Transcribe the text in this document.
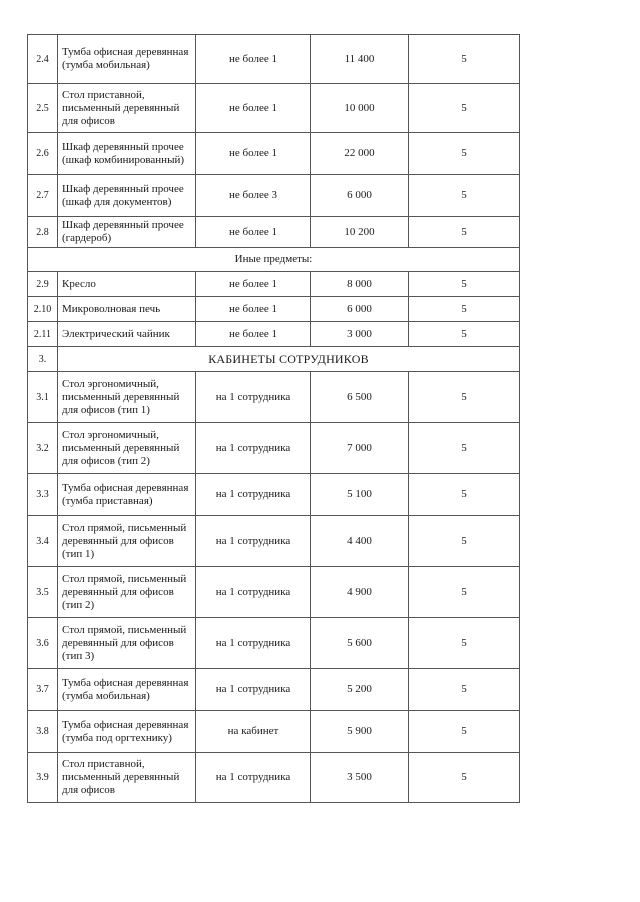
2.4	Тумба офисная деревянная (тумба мобильная)	не более 1	11 400	5
2.5	Стол приставной, письменный деревянный для офисов	не более 1	10 000	5
2.6	Шкаф деревянный прочее (шкаф комбинированный)	не более 1	22 000	5
2.7	Шкаф деревянный прочее (шкаф для документов)	не более 3	6 000	5
2.8	Шкаф деревянный прочее (гардероб)	не более 1	10 200	5
Иные предметы:				
2.9	Кресло	не более 1	8 000	5
2.10	Микроволновая печь	не более 1	6 000	5
2.11	Электрический чайник	не более 1	3 000	5
3.	КАБИНЕТЫ СОТРУДНИКОВ			
3.1	Стол эргономичный, письменный деревянный для офисов (тип 1)	на 1 сотрудника	6 500	5
3.2	Стол эргономичный, письменный деревянный для офисов (тип 2)	на 1 сотрудника	7 000	5
3.3	Тумба офисная деревянная (тумба приставная)	на 1 сотрудника	5 100	5
3.4	Стол прямой, письменный деревянный для офисов (тип 1)	на 1 сотрудника	4 400	5
3.5	Стол прямой, письменный деревянный для офисов (тип 2)	на 1 сотрудника	4 900	5
3.6	Стол прямой, письменный деревянный для офисов (тип 3)	на 1 сотрудника	5 600	5
3.7	Тумба офисная деревянная (тумба мобильная)	на 1 сотрудника	5 200	5
3.8	Тумба офисная деревянная (тумба под оргтехнику)	на кабинет	5 900	5
3.9	Стол приставной, письменный деревянный для офисов	на 1 сотрудника	3 500	5
